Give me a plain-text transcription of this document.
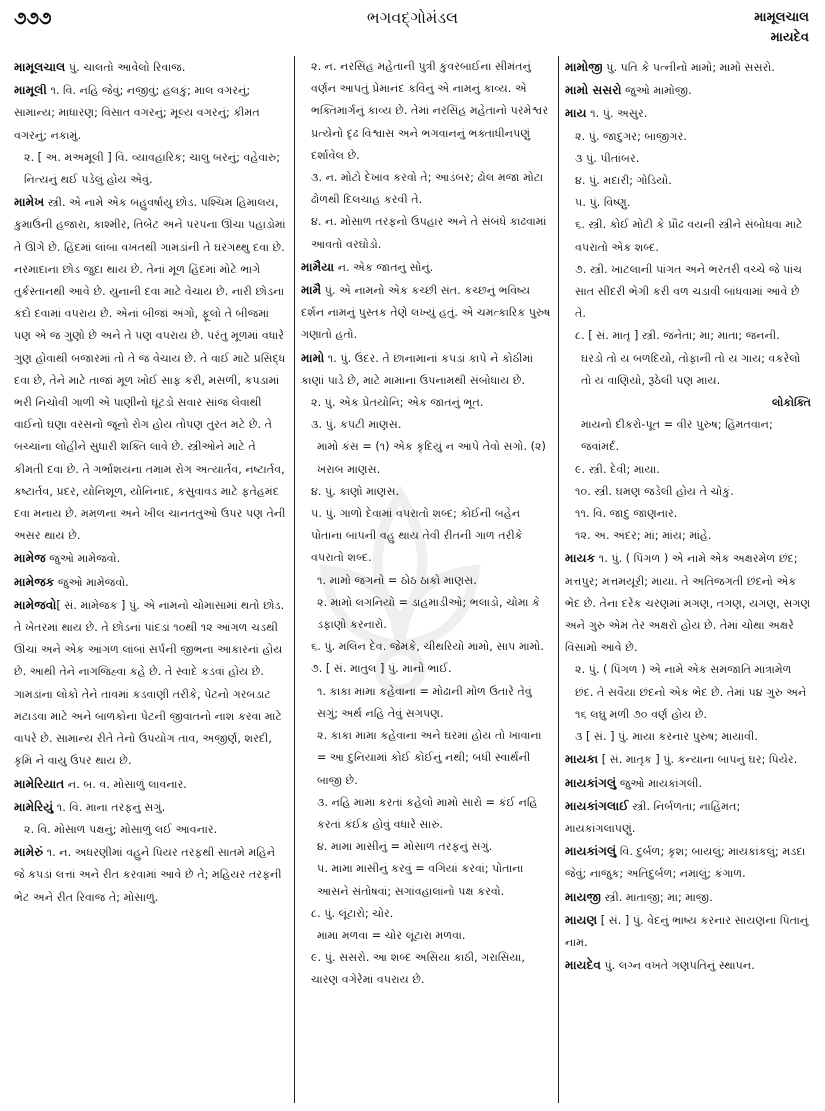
૭૭૭	ભગવદ્ગોમંડલ	મામૂલચાલ
માયદેવ

મામૂલચાલ પું. ચાલતો આવેલો રિવાજ.

મામૂલી ૧. વિ. નહિ જેવું; નજીવું; હલકું; માલ વગરનું; સામાન્ય; માધારણ; વિસાત વગરનું; મૂલ્ય વગરનું; કીમત વગરનું; નકામું.

૨. [ અ. મઅમૂલી ] વિ. વ્યાવહારિક; ચાલુ બરનું; વહેવારુ; નિત્યનું થઈ પડેલું હોય એવું.

મામેખ સ્ત્રી. એ નામે એક બહુવર્ષાયુ છોડ. પશ્ચિમ હિમાલય, કુમાઉંની હજારા, કાશ્મીર, તિબેટ અને પરપના ઊંચા પહાડોમાં તે ઊગે છે. હિંદમાં લાંબા વખતથી ગામડાંની તે ઘરગથ્થુ દવા છે. નરમાદાના છોડ જુદા થાય છે. તેનાં મૂળ હિંદમાં મોટે ભાગે તુર્કસ્તાનથી આવે છે. યુનાની દવા માટે વેચાય છે. નારી છોડના કંદો દવામાં વપરાય છે. એનાં બીજાં અંગો, ફૂલો તે બીજમાં પણ એ જ ગુણો છે અને તે પણ વપરાય છે. પરંતુ મૂળમાં વધારે ગુણ હોવાથી બજારમાં તો તે જ વેચાય છે. તે વાઈ માટે પ્રસિદ્ધ દવા છે, તેને માટે તાજાં મૂળ ખોઈ સાફ કરી, મસળી, કપડામાં ભરી નિચોવી ગાળી એ પાણીનો ઘૂંટડો સવાર સાંજ લેવાથી વાઈનો ઘણા વરસનો જૂનો રોગ હોય તોપણ તુરત મટે છે. તે બચ્ચાંના લોહીને સુધારી શક્તિ લાવે છે. સ્ત્રીઓને માટે તે કીમતી દવા છે. તે ગર્ભાશયના તમામ રોગ અત્યાર્તવ, નષ્ટાર્તવ, કષ્ટાર્તવ, પ્રદર, યોનિશૂળ, યોનિનાદ, કસુવાવડ માટે ફતેહમંદ દવા મનાય છે. મમળના અને ખીલ ચાનતતુઓ ઉપર પણ તેની અસર થાય છે.

મામેજ જુઓ મામેજવો.

મામેજક જુઓ મામેજવો.

મામેજવો[ સં. મામેજક ] પું. એ નામનો ચોમાસામાં થતો છોડ. તે ખેતરમાં થાય છે. તે છોડનાં પાંદડાં ૧૦થી ૧૨ આંગળ ચડથી ઊંચાં અને એક આંગળ લાંબાં સર્પની જીભના આકારનાં હોય છે. આથી તેને નાગજિહ્વા કહે છે. તે સ્વાદે કડવાં હોય છે. ગામડાંના લોકો તેને તાવમાં કડવાણી તરીકે, પેટનો ગરબડાટ મટાડવા માટે અને બાળકોના પેટની જીવાતનો નાશ કરવા માટે વાપરે છે. સામાન્ય રીતે તેનો ઉપયોગ તાવ, અજીર્ણ, શરદી, કૃમિ ને વાયુ ઉપર થાય છે.

મામેરિયાત ન. બ. વ. મોસાળું લાવનાર.

મામેરિયું ૧. વિ. માના તરફનું સગું.

૨. વિ. મોસાળ પક્ષનું; મોસાળું લઈ આવનાર.

મામેરું ૧. ન. અધરણીમાં વહુને પિયર તરફથી સાતમે મહિને જે કપડાં લત્તાં અને રીત કરવામાં આવે છે તે; મહિયર તરફની ભેટ અને રીત રિવાજ તે; મોસાળું.

૨. ન. નરસિંહ મહેતાની પુત્રી કુંવરબાઈના સીમંતનું વર્ણન આપતું પ્રેમાનંદ કવિનું એ નામનું કાવ્ય. એ ભક્તિમાર્ગનું કાવ્ય છે. તેમાં નરસિંહ મહેતાનો પરમેશ્વર પ્રત્યેનો દૃઢ વિશ્વાસ અને ભગવાનનું ભક્તાધીનપણું દર્શાવેલ છે.

૩. ન. મોટો દેખાવ કરવો તે; આડંબર; ઢોલ મજા મોટા ઢોળથી દિલચાહ કરવી તે.

૪. ન. મોસાળ તરફનો ઉપહાર અને તે સંબંધે કાઢવામાં આવતો વરઘોડો.

મામૈયા ન. એક જાતનું સોનું.

મામૈ પું. એ નામનો એક કચ્છી સંત. કચ્છનું ભવિષ્ય દર્શન નામનું પુસ્તક તેણે લખ્યું હતું. એ ચમત્કારિક પુરુષ ગણાતો હતો.

મામો ૧. પું. ઉંદર. તે છાનામાનાં કપડાં કાપે ને કોઠીમાં કાણાં પાડે છે, માટે મામાના ઉપનામથી સંબોધાય છે.

૨. પું. એક પ્રેતયોનિ; એક જાતનું ભૂત.

૩. પું. કપટી માણસ.

મામો કંસ = (૧) એક કૃદિયું ન આપે તેવો સગો. (૨) ખરાબ માણસ.

૪. પું. કાણો માણસ.

૫. પું. ગાળો દેવામાં વપરાતો શબ્દ; કોઈની બહેન પોતાના બાપની વહુ થાય તેવી રીતની ગાળ તરીકે વપરાતો શબ્દ.

૧. મામો જગનો = ઠોઠ ઠાકો માણસ.

૨. મામો લગનિયો = ડાહમાડીઓ; ભલાડો, ચોમા કે ડફાણો કરનારો.

૬. પું. મલિન દેવ. જેમકે, ચીથરિયો મામો, સાપ મામો.

૭. [ સં. માતુલ ] પું. માનો ભાઈ.

૧. કાકા મામા કહેવાના = મોઢાની મોળ ઉતારે તેવું સગું; અર્થ નહિ તેવું સગપણ.

૨. કાકા મામા કહેવાના અને ઘરમાં હોય તો ખાવાના = આ દુનિયામાં કોઈ કોઈનું નથી; બધી સ્વાર્થની બાજી છે.

૩. નહિ મામા કરતાં કહેલો મામો સારો = કંઈ નહિ કરતાં કંઈક હોવું વધારે સારું.

૪. મામા માસીનું = મોસાળ તરફનું સગું.

૫. મામા માસીનું કરવું = વગિયાં કરવાં; પોતાના આસને સંતોષવાં; સગાંવહાલાંનો પક્ષ કરવો.

૮. પું. લૂંટારો; ચોર.

મામા મળવા = ચોર લૂંટારા મળવા.

૯. પું. સસરો. આ શબ્દ અસિયા કાઠી, ગરાસિયા, ચારણ વગેરેમાં વપરાય છે.

મામોજી પું. પતિ કે પત્નીનો મામો; મામો સસરો.

મામો સસરો જુઓ મામોજી.

માય ૧. પું. અસુર.

૨. પું. જાદુગર; બાજીગર.

૩ પું. પીતાંબર.

૪. પું. મદારી; ગોડિયો.

૫. પું. વિષ્ણુ.

૬. સ્ત્રી. કોઈ મોટી કે પ્રૌઢ વયની સ્ત્રીને સંબોધવા માટે વપરાતો એક શબ્દ.

૭. સ્ત્રી. ખાટલાની પાંગત અને ભરતરી વચ્ચે જે પાંચ સાત સીંદરી ભેગી કરી વળ ચડાવી બાંધવામાં આવે છે તે.

૮. [ સં. માતૃ ] સ્ત્રી. જનેતા; મા; માતા; જનની.

ઘરડો તો ય બળદિયો, તોફાની તો ય ગાય; વકરેલો તો ય વાણિયો, રૂઠેલી પણ માય.

લોકોક્તિ

માયનો દીકરો-પૂત = વીર પુરુષ; હિંમતવાન; જવાંમર્દ.

૯. સ્ત્રી. દેવી; માયા.

૧૦. સ્ત્રી. ઘમણ જડેલી હોય તે ચોકું.

૧૧. વિ. જાદુ જાણનાર.

૧૨. અ. અંદર; માં; માંય; માંહે.

માયક ૧. પું. ( પિંગળ ) એ નામે એક અક્ષરમેળ છંદ; મત્તપુર; મત્તમયૂરી; માયા. તે અતિજગતી છંદનો એક ભેદ છે. તેના દરેક ચરણમાં મગણ, તગણ, યગણ, સગણ અને ગુરુ એમ તેર અક્ષરો હોય છે. તેમાં ચોથા અક્ષરે વિસામો આવે છે.

૨. પું. ( પિંગળ ) એ નામે એક સમજાતિ માત્રામેળ છંદ. તે સવૈયા છંદનો એક ભેદ છે. તેમાં ૫૪ ગુરુ અને ૧૬ લઘુ મળી ૭૦ વર્ણ હોય છે.

૩ [ સં. ] પું. માયા કરનાર પુરુષ; માયાવી.

માયકા [ સં. માતૃક ] પું. કન્યાના બાપનું ઘર; પિયેર.

માયકાંગલું જુઓ માયકાંગલી.

માયકાંગલાઈ સ્ત્રી. નિર્બળતા; નાહિંમત; માયકાંગલાપણું.

માયકાંગલું વિ. દુર્બળ; કૃશ; બાયલું; માયકાંકલું; મડદા જેવું; નાજુક; અતિદુર્બળ; નમાલું; કંગાળ.

માયજી સ્ત્રી. માતાજી; મા; માજી.

માયણ [ સં. ] પું. વેદનું ભાષ્ય કરનાર સાયણના પિતાનું નામ.

માયદેવ પું. લગ્ન વખતે ગણપતિનું સ્થાપન.
